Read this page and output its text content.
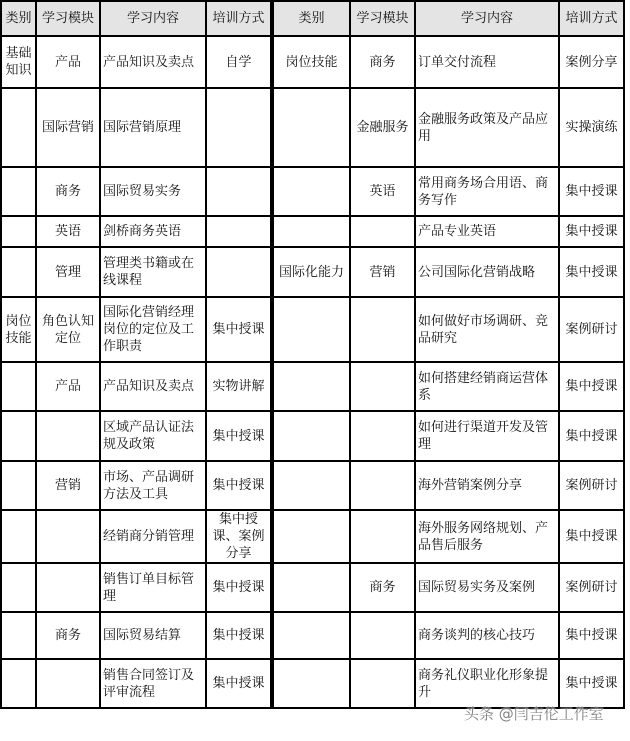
类别	学习模块	学习内容	培训方式	类别	学习模块	学习内容	培训方式
基础知识	产品	产品知识及卖点	自学	岗位技能	商务	订单交付流程	案例分享
	国际营销	国际营销原理			金融服务	金融服务政策及产品应用	实操演练
	商务	国际贸易实务			英语	常用商务场合用语、商务写作	集中授课
	英语	剑桥商务英语				产品专业英语	集中授课
	管理	管理类书籍或在线课程		国际化能力	营销	公司国际化营销战略	集中授课
岗位技能	角色认知定位	国际化营销经理岗位的定位及工作职责	集中授课			如何做好市场调研、竞品研究	案例研讨
	产品	产品知识及卖点	实物讲解			如何搭建经销商运营体系	集中授课
		区域产品认证法规及政策	集中授课			如何进行渠道开发及管理	集中授课
	营销	市场、产品调研方法及工具	集中授课			海外营销案例分享	案例研讨
		经销商分销管理	集中授课、案例分享			海外服务网络规划、产品售后服务	集中授课
		销售订单目标管理	集中授课		商务	国际贸易实务及案例	案例研讨
	商务	国际贸易结算	集中授课			商务谈判的核心技巧	集中授课
		销售合同签订及评审流程	集中授课			商务礼仪职业化形象提升	集中授课
头条 @闫吉伦工作室
